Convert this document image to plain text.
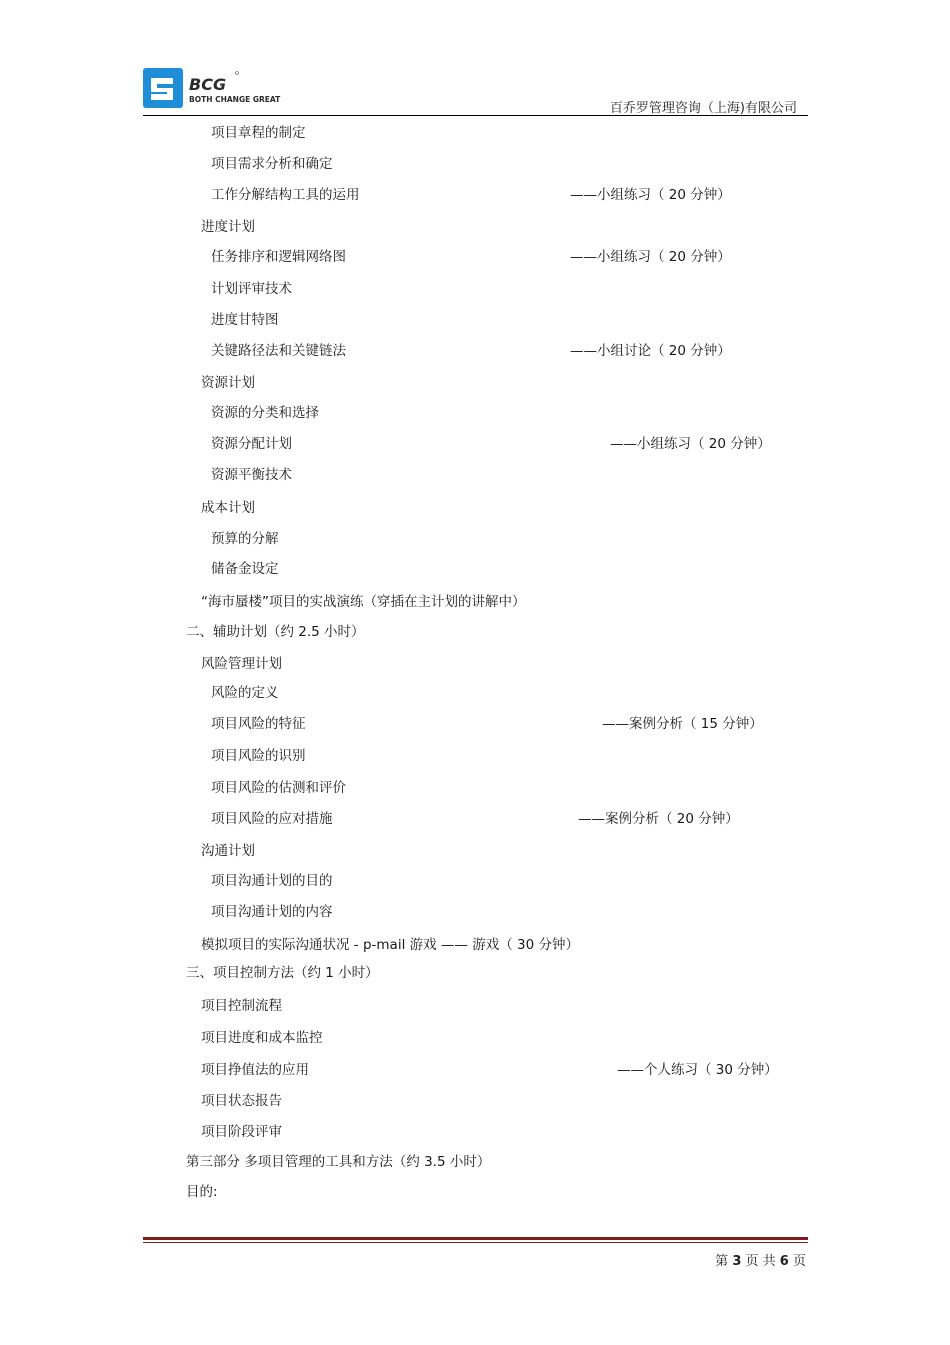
BCG
BOTH CHANGE GREAT
百乔罗管理咨询（上海)有限公司
项目章程的制定
项目需求分析和确定
工作分解结构工具的运用	——小组练习（ 20 分钟）
进度计划
任务排序和逻辑网络图	——小组练习（ 20 分钟）
计划评审技术
进度甘特图
关键路径法和关键链法	——小组讨论（ 20 分钟）
资源计划
资源的分类和选择
资源分配计划	——小组练习（ 20 分钟）
资源平衡技术
成本计划
预算的分解
储备金设定
“海市蜃楼”项目的实战演练（穿插在主计划的讲解中）
二、辅助计划（约 2.5 小时）
风险管理计划
风险的定义
项目风险的特征	——案例分析（ 15 分钟）
项目风险的识别
项目风险的估测和评价
项目风险的应对措施	——案例分析（ 20 分钟）
沟通计划
项目沟通计划的目的
项目沟通计划的内容
模拟项目的实际沟通状况 - p-mail 游戏 —— 游戏（ 30 分钟）
三、项目控制方法（约 1 小时）
项目控制流程
项目进度和成本监控
项目挣值法的应用	——个人练习（ 30 分钟）
项目状态报告
项目阶段评审
第三部分 多项目管理的工具和方法（约 3.5 小时）
目的:
第 3 页 共 6 页
